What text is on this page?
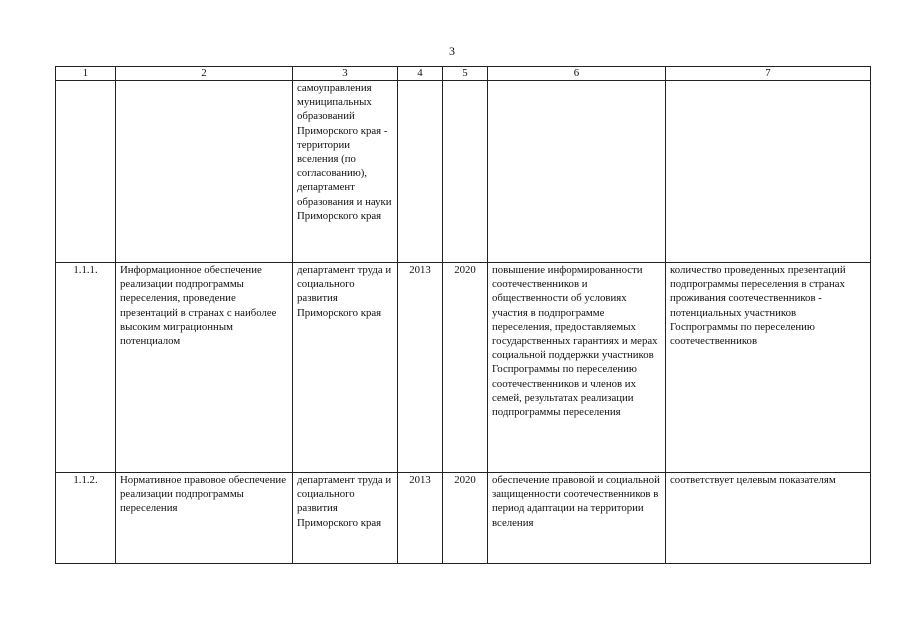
3
1	2	3	4	5	6	7
		самоуправления муниципальных образований Приморского края - территории вселения (по согласованию), департамент образования и науки Приморского края				
1.1.1.	Информационное обеспечение реализации подпрограммы переселения, проведение презентаций в странах с наиболее высоким миграционным потенциалом	департамент труда и социального развития Приморского края	2013	2020	повышение информированности соотечественников и общественности об условиях участия в подпрограмме переселения, предоставляемых государственных гарантиях и мерах социальной поддержки участников Госпрограммы по переселению соотечественников и членов их семей, результатах реализации подпрограммы переселения	количество проведенных презентаций подпрограммы переселения в странах проживания соотечественников - потенциальных участников Госпрограммы по переселению соотечественников
1.1.2.	Нормативное правовое обеспечение реализации подпрограммы переселения	департамент труда и социального развития Приморского края	2013	2020	обеспечение правовой и социальной защищенности соотечественников в период адаптации на территории вселения	соответствует целевым показателям
